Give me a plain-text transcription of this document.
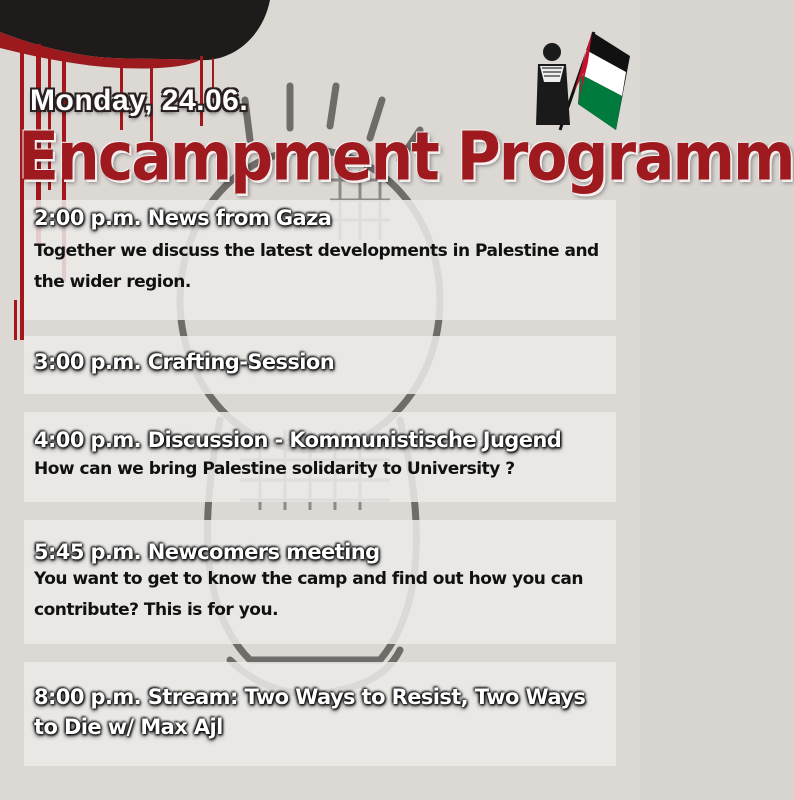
Monday, 24.06.
Encampment Programm
2:00 p.m. News from Gaza
Together we discuss the latest developments in Palestine and the wider region.
3:00 p.m. Crafting-Session
4:00 p.m. Discussion - Kommunistische Jugend
How can we bring Palestine solidarity to University ?
5:45 p.m. Newcomers meeting
You want to get to know the camp and find out how you can contribute? This is for you.
8:00 p.m. Stream: Two Ways to Resist, Two Ways to Die w/ Max Ajl
